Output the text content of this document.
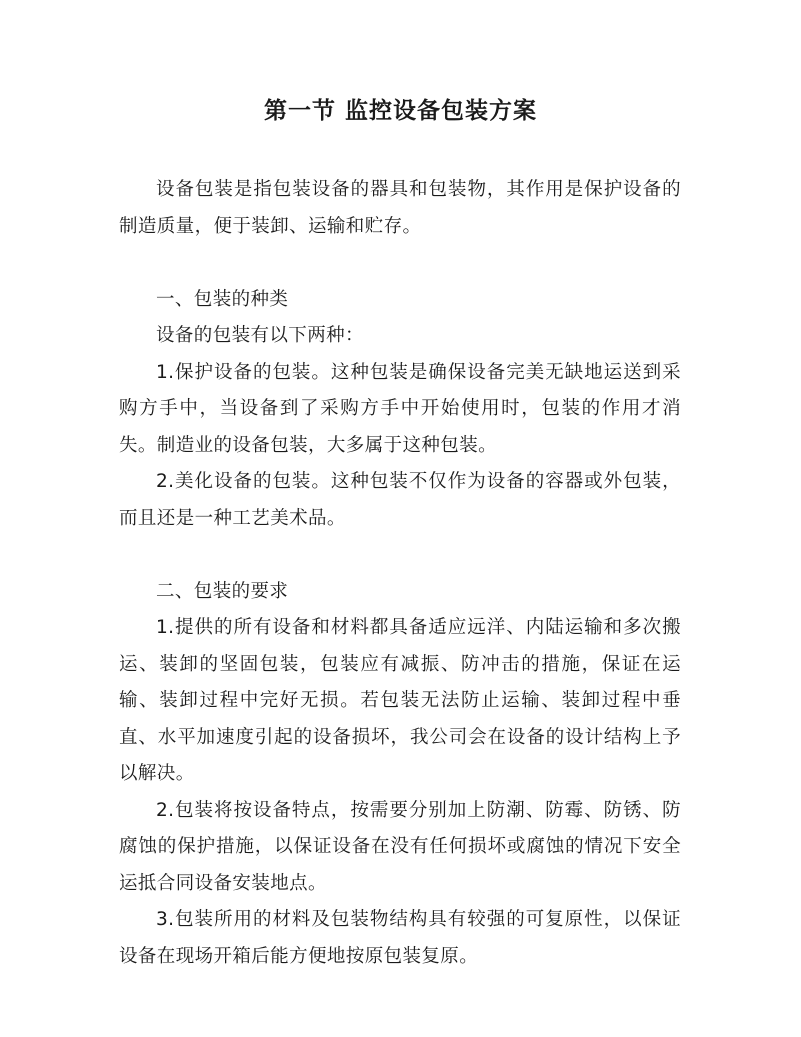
第一节 监控设备包装方案

设备包装是指包装设备的器具和包装物，其作用是保护设备的制造质量，便于装卸、运输和贮存。

一、包装的种类

设备的包装有以下两种：

1.保护设备的包装。这种包装是确保设备完美无缺地运送到采购方手中，当设备到了采购方手中开始使用时，包装的作用才消失。制造业的设备包装，大多属于这种包装。

2.美化设备的包装。这种包装不仅作为设备的容器或外包装，而且还是一种工艺美术品。

二、包装的要求

1.提供的所有设备和材料都具备适应远洋、内陆运输和多次搬运、装卸的坚固包装，包装应有减振、防冲击的措施，保证在运输、装卸过程中完好无损。若包装无法防止运输、装卸过程中垂直、水平加速度引起的设备损坏，我公司会在设备的设计结构上予以解决。

2.包装将按设备特点，按需要分别加上防潮、防霉、防锈、防腐蚀的保护措施，以保证设备在没有任何损坏或腐蚀的情况下安全运抵合同设备安装地点。

3.包装所用的材料及包装物结构具有较强的可复原性，以保证设备在现场开箱后能方便地按原包装复原。
